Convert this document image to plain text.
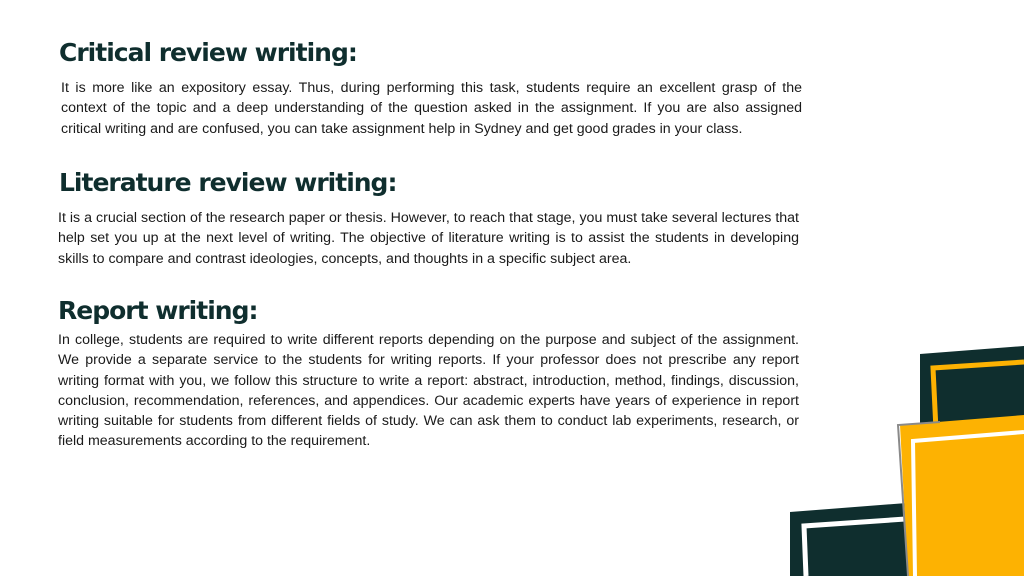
Critical review writing:

It is more like an expository essay. Thus, during performing this task, students require an excellent grasp of the context of the topic and a deep understanding of the question asked in the assignment. If you are also assigned critical writing and are confused, you can take assignment help in Sydney and get good grades in your class.

Literature review writing:

It is a crucial section of the research paper or thesis. However, to reach that stage, you must take several lectures that help set you up at the next level of writing. The objective of literature writing is to assist the students in developing skills to compare and contrast ideologies, concepts, and thoughts in a specific subject area.

Report writing:

In college, students are required to write different reports depending on the purpose and subject of the assignment. We provide a separate service to the students for writing reports. If your professor does not prescribe any report writing format with you, we follow this structure to write a report: abstract, introduction, method, findings, discussion, conclusion, recommendation, references, and appendices. Our academic experts have years of experience in report writing suitable for students from different fields of study. We can ask them to conduct lab experiments, research, or field measurements according to the requirement.
